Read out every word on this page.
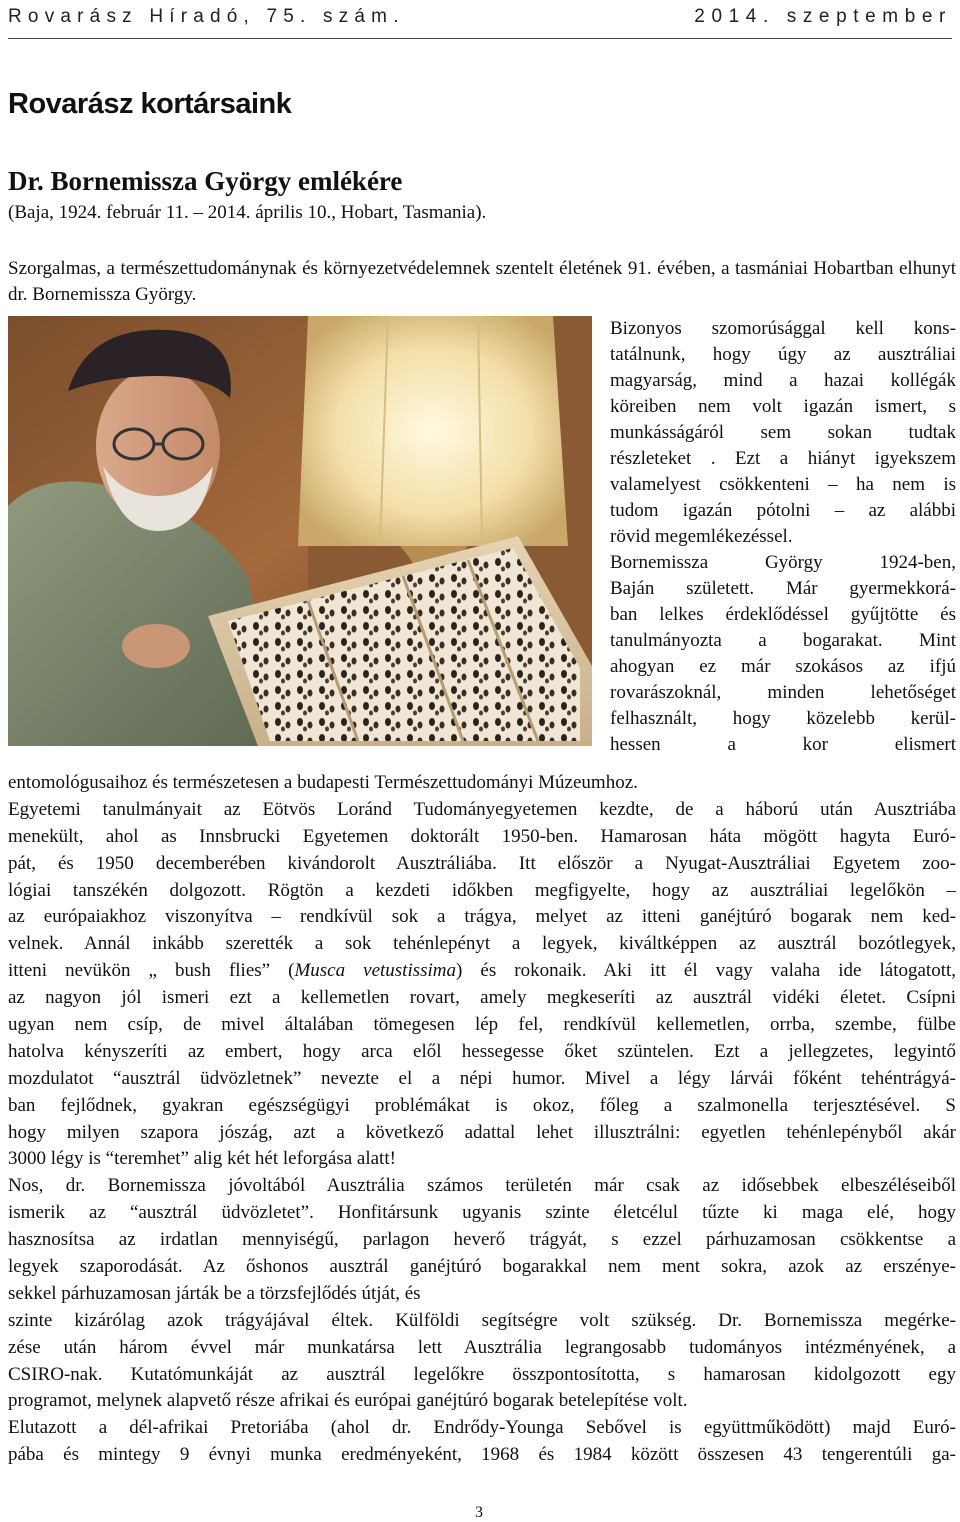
Rovarász Híradó, 75. szám.	2014. szeptember
Rovarász kortársaink
Dr. Bornemissza György emlékére
(Baja, 1924. február 11. – 2014. április 10., Hobart, Tasmania).
Szorgalmas, a természettudománynak és környezetvédelemnek szentelt életének 91. évében, a tasmániai Hobartban elhunyt dr. Bornemissza György.
Bizonyos szomorúsággal kell kons-
tatálnunk, hogy úgy az ausztráliai
magyarság, mind a hazai kollégák
köreiben nem volt igazán ismert, s
munkásságáról sem sokan tudtak
részleteket . Ezt a hiányt igyekszem
valamelyest csökkenteni – ha nem is
tudom igazán pótolni – az alábbi
rövid megemlékezéssel.
Bornemissza György 1924-ben,
Baján született. Már gyermekkorá-
ban lelkes érdeklődéssel gyűjtötte és
tanulmányozta a bogarakat. Mint
ahogyan ez már szokásos az ifjú
rovarászoknál, minden lehetőséget
felhasznált, hogy közelebb kerül-
hessen a kor elismert
entomológusaihoz és természetesen a budapesti Természettudományi Múzeumhoz.
Egyetemi tanulmányait az Eötvös Loránd Tudományegyetemen kezdte, de a háború után Ausztriába
menekült, ahol as Innsbrucki Egyetemen doktorált 1950-ben. Hamarosan háta mögött hagyta Euró-
pát, és 1950 decemberében kivándorolt Ausztráliába. Itt először a Nyugat-Ausztráliai Egyetem zoo-
lógiai tanszékén dolgozott. Rögtön a kezdeti időkben megfigyelte, hogy az ausztráliai legelőkön –
az európaiakhoz viszonyítva – rendkívül sok a trágya, melyet az itteni ganéjtúró bogarak nem ked-
velnek. Annál inkább szerették a sok tehénlepényt a legyek, kiváltképpen az ausztrál bozótlegyek,
itteni nevükön „ bush flies” (Musca vetustissima) és rokonaik. Aki itt él vagy valaha ide látogatott,
az nagyon jól ismeri ezt a kellemetlen rovart, amely megkeseríti az ausztrál vidéki életet. Csípni
ugyan nem csíp, de mivel általában tömegesen lép fel, rendkívül kellemetlen, orrba, szembe, fülbe
hatolva kényszeríti az embert, hogy arca elől hessegesse őket szüntelen. Ezt a jellegzetes, legyintő
mozdulatot “ausztrál üdvözletnek” nevezte el a népi humor. Mivel a légy lárvái főként tehéntrágyá-
ban fejlődnek, gyakran egészségügyi problémákat is okoz, főleg a szalmonella terjesztésével. S
hogy milyen szapora jószág, azt a következő adattal lehet illusztrálni: egyetlen tehénlepényből akár
3000 légy is “teremhet” alig két hét leforgása alatt!
Nos, dr. Bornemissza jóvoltából Ausztrália számos területén már csak az idősebbek elbeszéléseiből
ismerik az “ausztrál üdvözletet”. Honfitársunk ugyanis szinte életcélul tűzte ki maga elé, hogy
hasznosítsa az irdatlan mennyiségű, parlagon heverő trágyát, s ezzel párhuzamosan csökkentse a
legyek szaporodását. Az őshonos ausztrál ganéjtúró bogarakkal nem ment sokra, azok az erszénye-
sekkel párhuzamosan járták be a törzsfejlődés útját, és
szinte kizárólag azok trágyájával éltek. Külföldi segítségre volt szükség. Dr. Bornemissza megérke-
zése után három évvel már munkatársa lett Ausztrália legrangosabb tudományos intézményének, a
CSIRO-nak. Kutatómunkáját az ausztrál legelőkre összpontosította, s hamarosan kidolgozott egy
programot, melynek alapvető része afrikai és európai ganéjtúró bogarak betelepítése volt.
Elutazott a dél-afrikai Pretoriába (ahol dr. Endrődy-Younga Sebővel is együttműködött) majd Euró-
pába és mintegy 9 évnyi munka eredményeként, 1968 és 1984 között összesen 43 tengerentúli ga-
3
